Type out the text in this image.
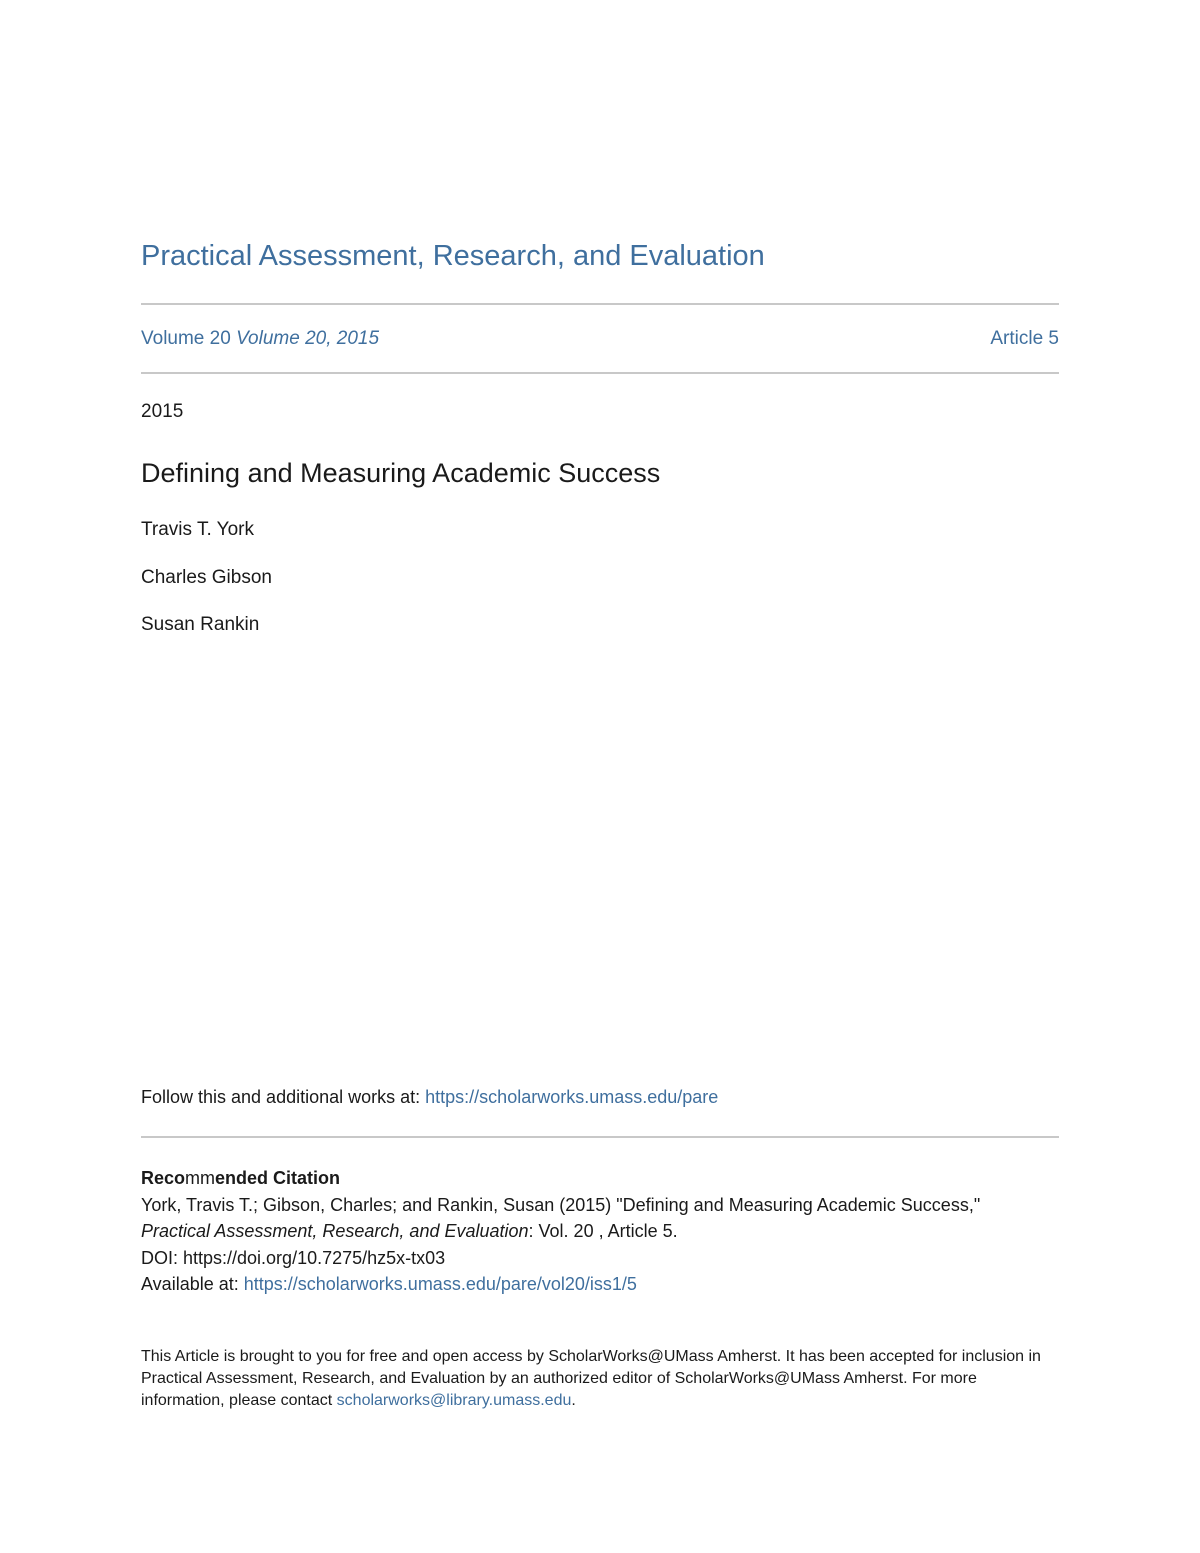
Practical Assessment, Research, and Evaluation
Volume 20 Volume 20, 2015	Article 5
2015
Defining and Measuring Academic Success
Travis T. York
Charles Gibson
Susan Rankin
Follow this and additional works at: https://scholarworks.umass.edu/pare
Recommended Citation
York, Travis T.; Gibson, Charles; and Rankin, Susan (2015) "Defining and Measuring Academic Success,"
Practical Assessment, Research, and Evaluation: Vol. 20 , Article 5.
DOI: https://doi.org/10.7275/hz5x-tx03
Available at: https://scholarworks.umass.edu/pare/vol20/iss1/5
This Article is brought to you for free and open access by ScholarWorks@UMass Amherst. It has been accepted for inclusion in Practical Assessment, Research, and Evaluation by an authorized editor of ScholarWorks@UMass Amherst. For more information, please contact scholarworks@library.umass.edu.
